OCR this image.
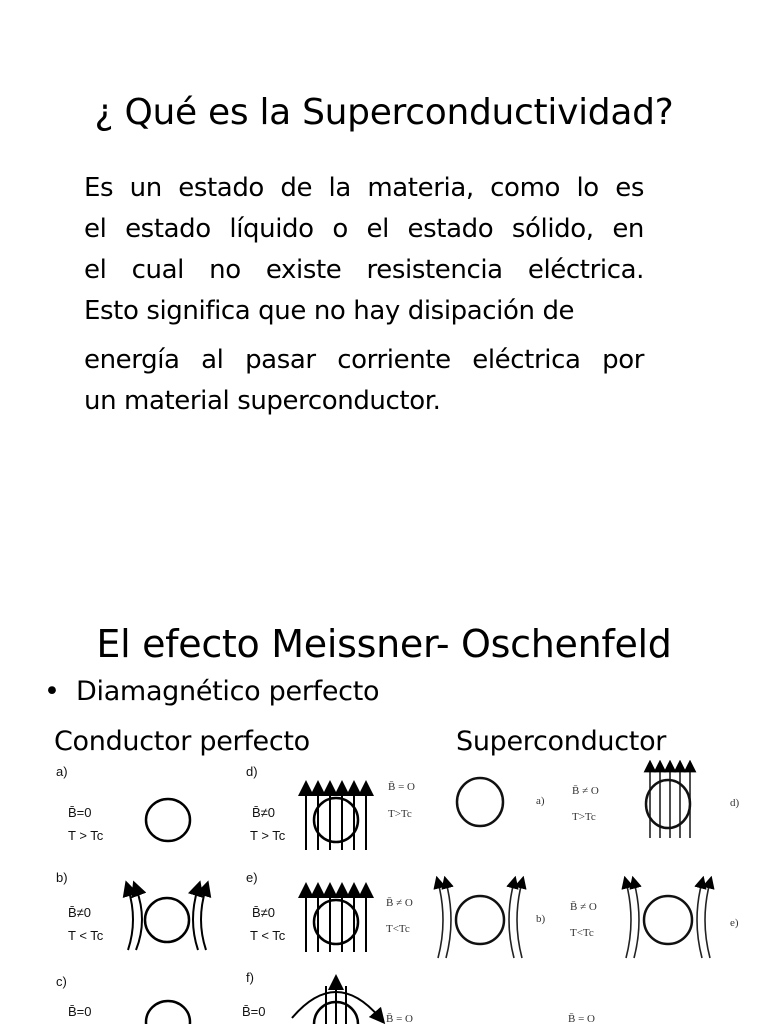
¿ Qué es la Superconductividad?

Es un estado de la materia, como lo es
el estado líquido o el estado sólido, en
el cual no existe resistencia eléctrica.
Esto significa que no hay disipación de

energía al pasar corriente eléctrica por
un material superconductor.

El efecto Meissner- Oschenfeld
• Diamagnético perfecto
Conductor perfecto	Superconductor
a)
B̄=0
T > Tc
b)
B̄≠0
T < Tc
c)
B̄=0
d)
B̄≠0
T > Tc
e)
B̄≠0
T < Tc
f)
B̄=0
B̄ = O
T>Tc
a)
B̄ ≠ O
T>Tc
d)
B̄ ≠ O
T<Tc
b)
B̄ ≠ O
T<Tc
e)
B̄ = O	B̄ = O
